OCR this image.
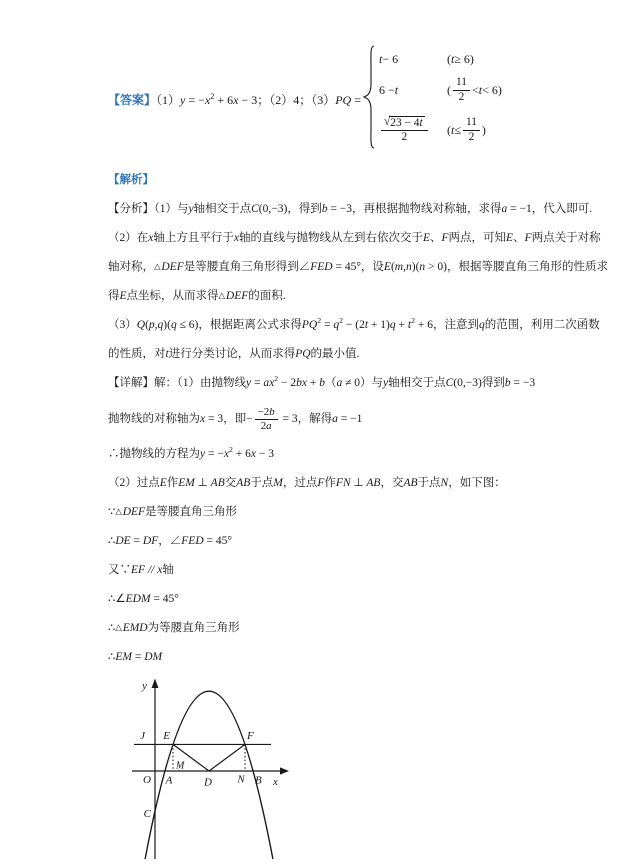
【答案】$(1)y = -x^2 + 6x - 3$；（2）4；（3）PQ =
t − 6	( t ≥ 6)
6 − t	( $\frac{11}{2} < t < 6$)
$\frac{√ 23 - 4t}{2}$ ( $t \le \frac{11}{2}$ )
【解析】
【分析】（1）与y轴相交于点C(0,−3)，得到b = −3，再根据抛物线对称轴，求得a = −1，代入即可.
（2）在x轴上方且平行于x轴的直线与抛物线从左到右依次交于E、F两点，可知E、F两点关于对称
轴对称，△DEF是等腰直角三角形得到∠FED = 45°，设E(m,n)(n > 0)，根据等腰直角三角形的性质求
得E点坐标，从而求得△DEF的面积.
（3）Q(p,q)(q ≤ 6)，根据距离公式求得$PQ^2 = q^2 - (2t + 1)q + t^2 + 6$，注意到q的范围，利用二次函数
的性质，对t进行分类讨论，从而求得PQ的最小值.
【详解】解：（1）由抛物线$y = ax^2 - 2bx + b(a \ne 0)$与y轴相交于点C(0,−3)得到b = −3
抛物线的对称轴为x = 3，即− $\frac{-2b}{2a} = 3$，解得a = −1
∴抛物线的方程为$y = -x^2 + 6x - 3$
（2）过点E作EM ⊥ AB交AB于点M，过点F作FN ⊥ AB，交AB于点N，如下图：
∵△DEF是等腰直角三角形
∴DE = DF，∠FED = 45°
又∵EF // x轴
∴∠EDM = 45°
∴△EMD为等腰直角三角形
∴EM = DM
y
x
O
J E	F
M
A	D N B
C
